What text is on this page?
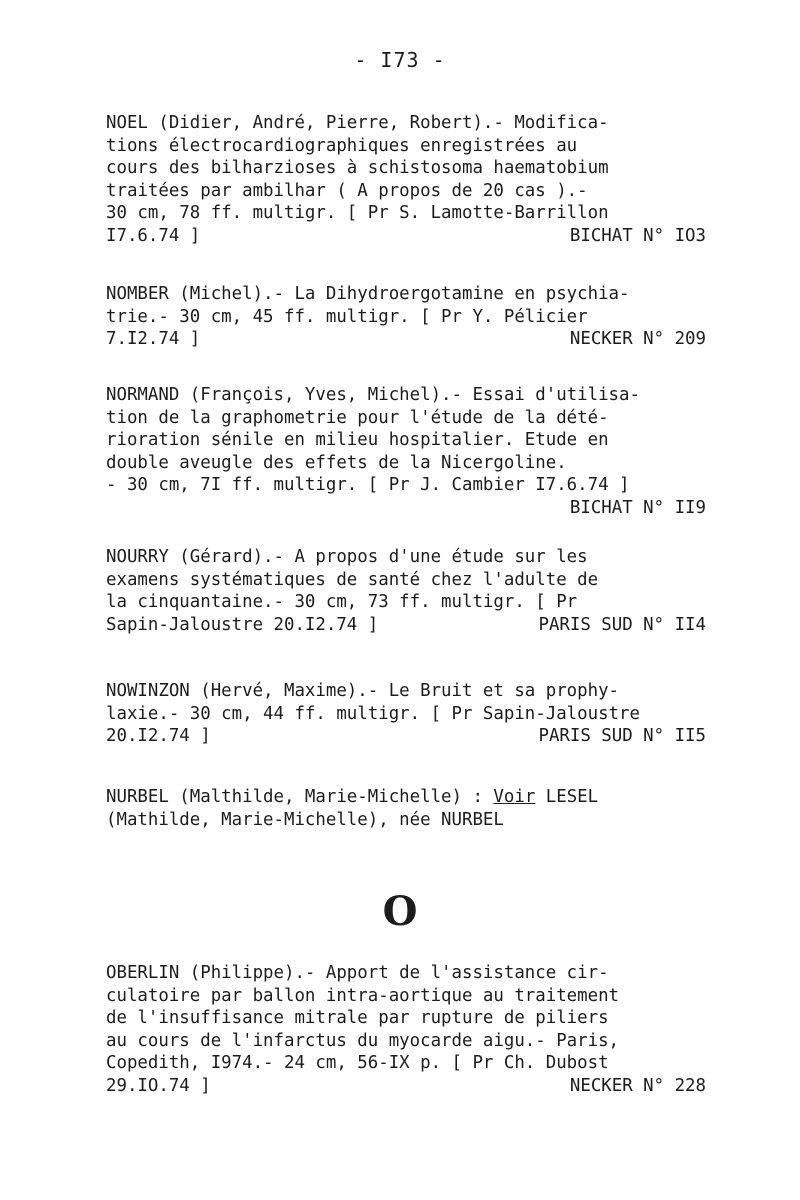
- I73 -
NOEL (Didier, André, Pierre, Robert).- Modifica-
tions électrocardiographiques enregistrées au
cours des bilharzioses à schistosoma haematobium
traitées par ambilhar ( A propos de 20 cas ).-
30 cm, 78 ff. multigr. [ Pr S. Lamotte-Barrillon
I7.6.74 ]	BICHAT N° IO3
NOMBER (Michel).- La Dihydroergotamine en psychia-
trie.- 30 cm, 45 ff. multigr. [ Pr Y. Pélicier
7.I2.74 ]	NECKER N° 209
NORMAND (François, Yves, Michel).- Essai d'utilisa-
tion de la graphometrie pour l'étude de la dété-
rioration sénile en milieu hospitalier. Etude en
double aveugle des effets de la Nicergoline.
- 30 cm, 7I ff. multigr. [ Pr J. Cambier I7.6.74 ]
BICHAT N° II9
NOURRY (Gérard).- A propos d'une étude sur les
examens systématiques de santé chez l'adulte de
la cinquantaine.- 30 cm, 73 ff. multigr. [ Pr
Sapin-Jaloustre 20.I2.74 ]	PARIS SUD N° II4
NOWINZON (Hervé, Maxime).- Le Bruit et sa prophy-
laxie.- 30 cm, 44 ff. multigr. [ Pr Sapin-Jaloustre
20.I2.74 ]	PARIS SUD N° II5
NURBEL (Malthilde, Marie-Michelle) : Voir LESEL
(Mathilde, Marie-Michelle), née NURBEL
O
OBERLIN (Philippe).- Apport de l'assistance cir-
culatoire par ballon intra-aortique au traitement
de l'insuffisance mitrale par rupture de piliers
au cours de l'infarctus du myocarde aigu.- Paris,
Copedith, I974.- 24 cm, 56-IX p. [ Pr Ch. Dubost
29.IO.74 ]	NECKER N° 228
